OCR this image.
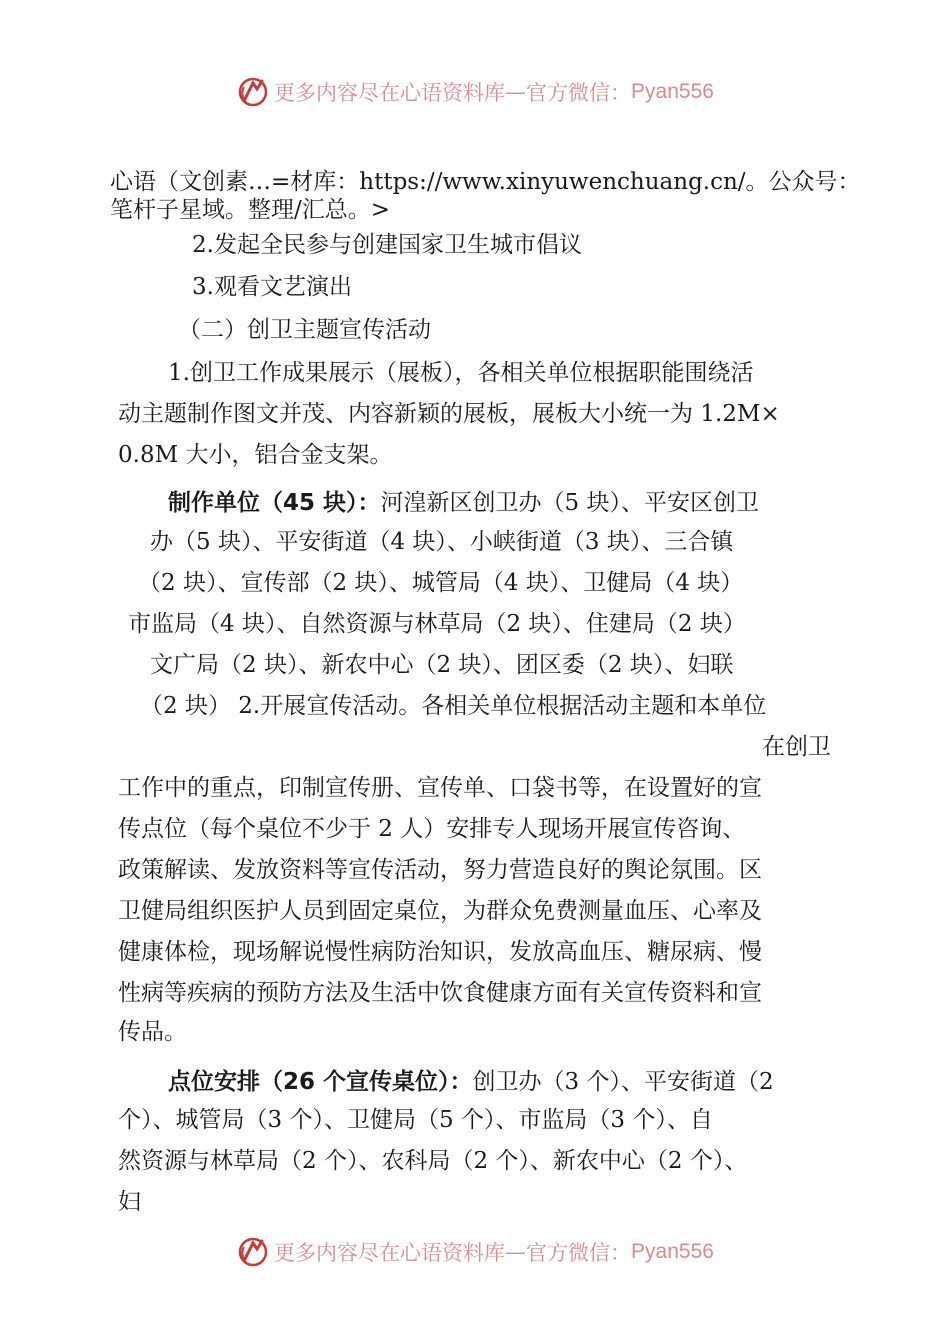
更多内容尽在心语资料库 — 官方微信： Pyan556
心语（文创素…=材库：https://www.xinyuwenchuang.cn/。公众号：
笔杆子星域。整理/汇总。>
2.发起全民参与创建国家卫生城市倡议
3.观看文艺演出
（二）创卫主题宣传活动
1.创卫工作成果展示（展板），各相关单位根据职能围绕活
动主题制作图文并茂、内容新颖的展板，展板大小统一为 1.2M×
0.8M 大小，铝合金支架。
制作单位（45 块）：河湟新区创卫办（5 块）、平安区创卫
办（5 块）、平安街道（4 块）、小峡街道（3 块）、三合镇
（2 块）、宣传部（2 块）、城管局（4 块）、卫健局（4 块）
市监局（4 块）、自然资源与林草局（2 块）、住建局（2 块）
文广局（2 块）、新农中心（2 块）、团区委（2 块）、妇联
（2 块） 2.开展宣传活动。各相关单位根据活动主题和本单位
在创卫
工作中的重点，印制宣传册、宣传单、口袋书等，在设置好的宣
传点位（每个桌位不少于 2 人）安排专人现场开展宣传咨询、
政策解读、发放资料等宣传活动，努力营造良好的舆论氛围。区
卫健局组织医护人员到固定桌位，为群众免费测量血压、心率及
健康体检，现场解说慢性病防治知识，发放高血压、糖尿病、慢
性病等疾病的预防方法及生活中饮食健康方面有关宣传资料和宣
传品。
点位安排（26 个宣传桌位）：创卫办（3 个）、平安街道（2
个）、城管局（3 个）、卫健局（5 个）、市监局（3 个）、自
然资源与林草局（2 个）、农科局（2 个）、新农中心（2 个）、
妇
更多内容尽在心语资料库 — 官方微信： Pyan556
